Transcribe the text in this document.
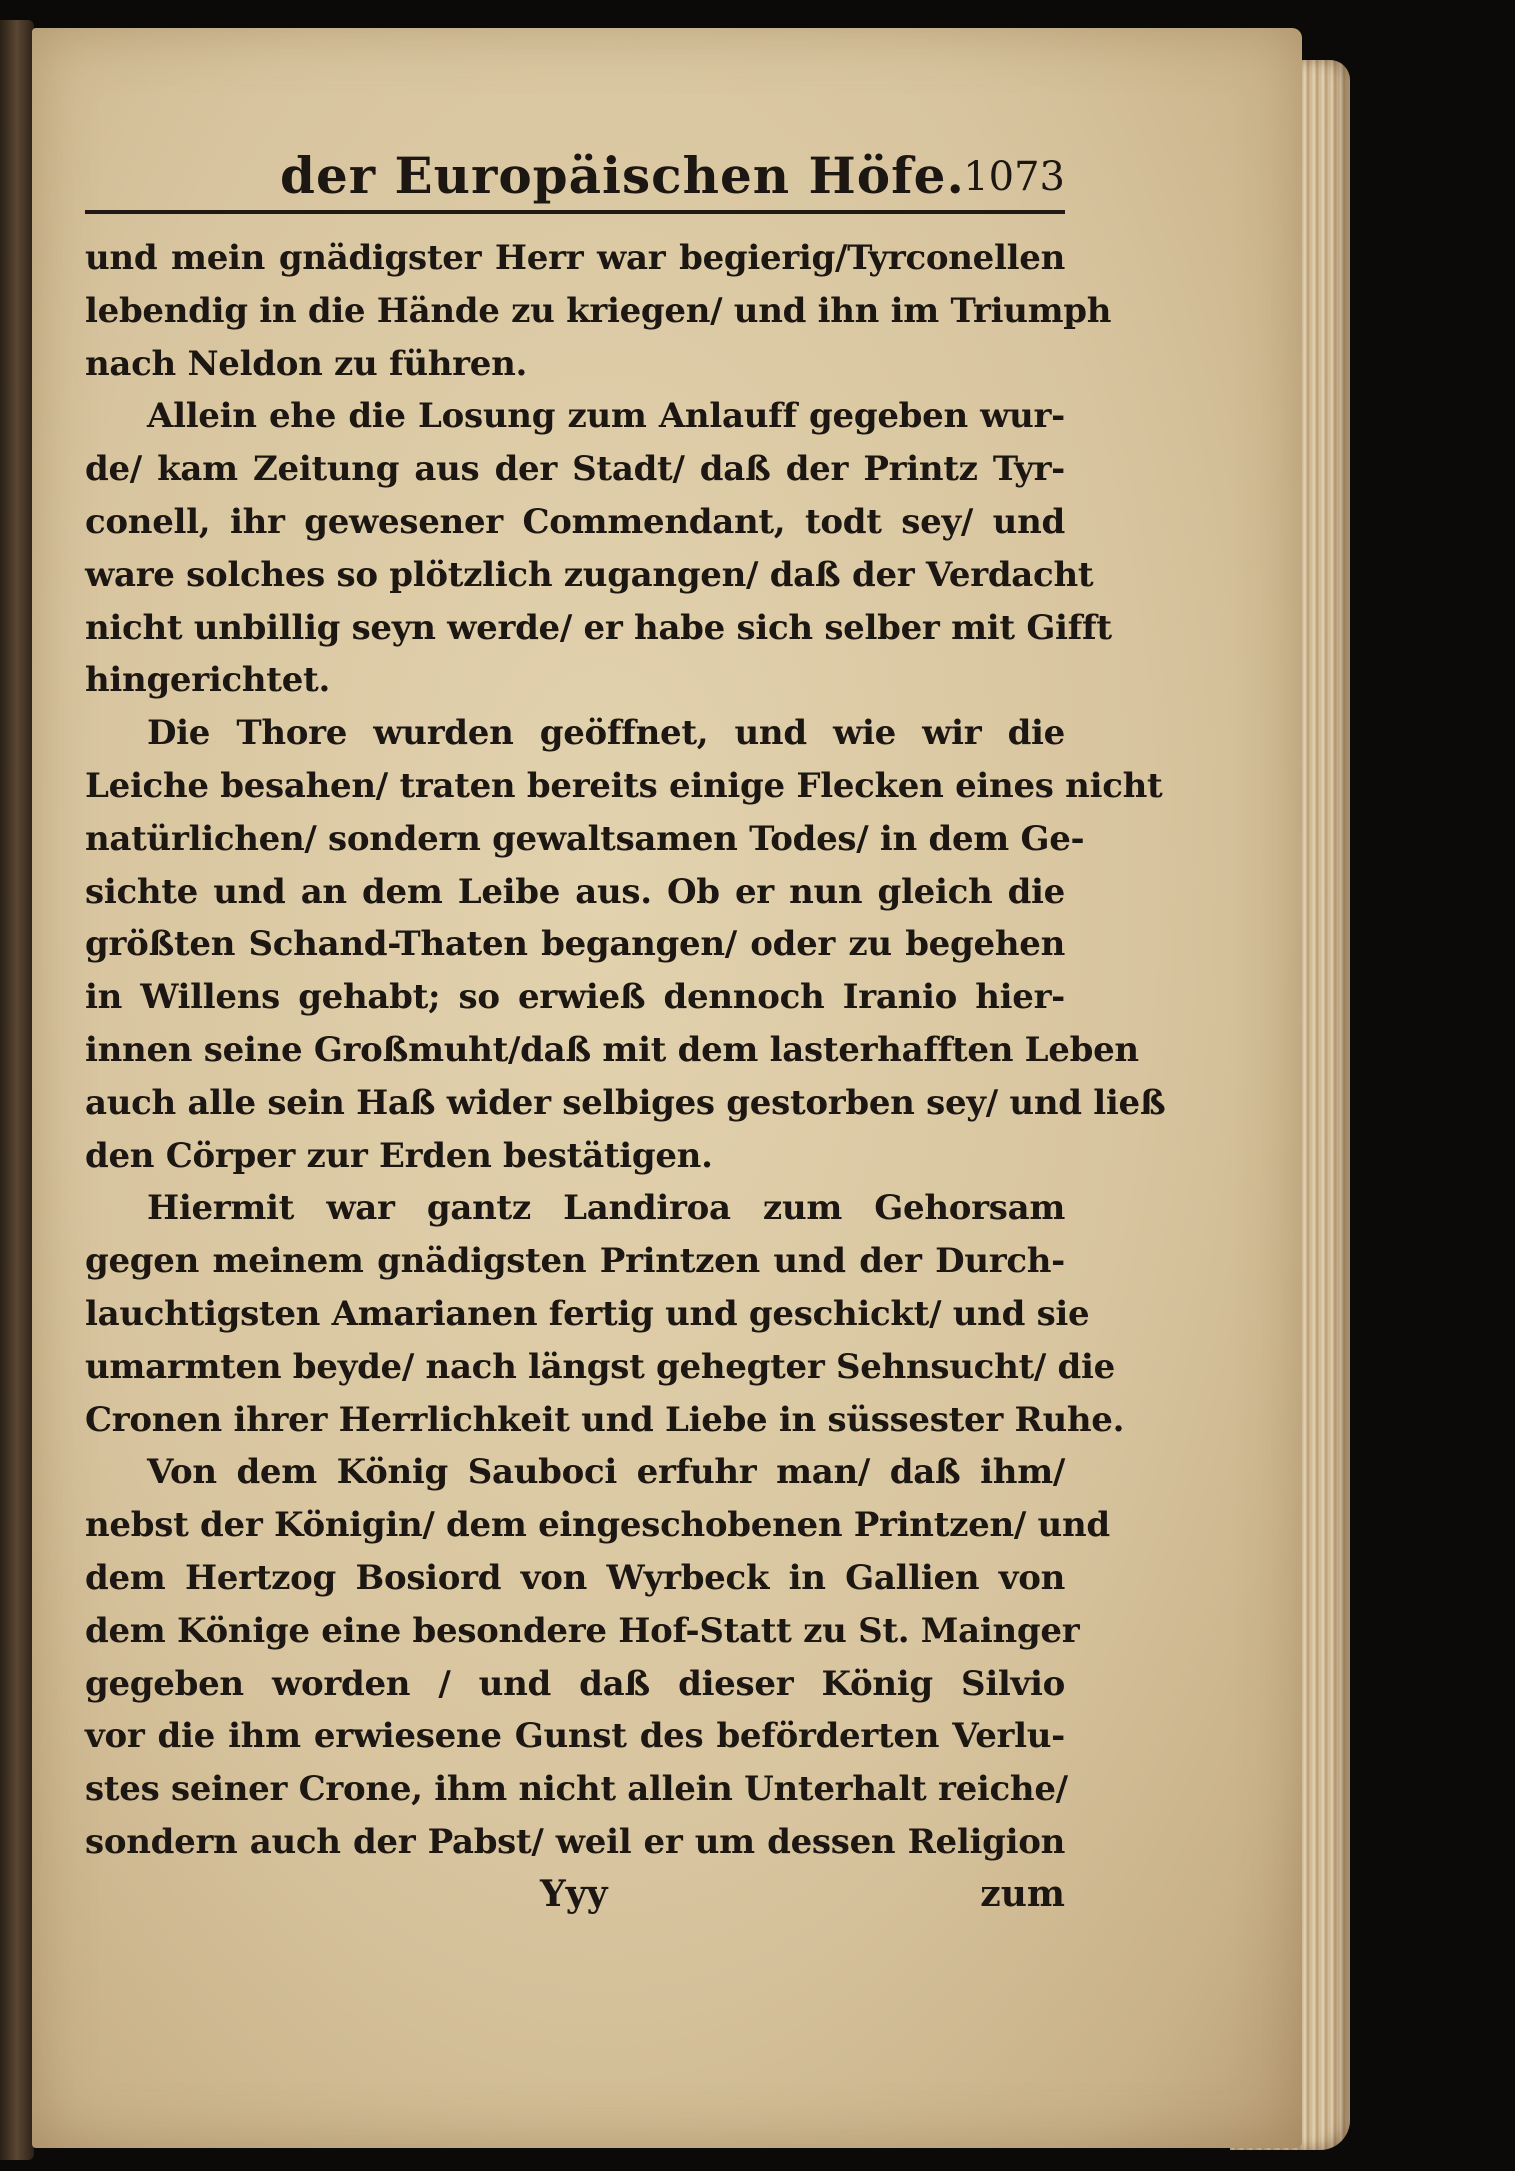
der Europäischen Höfe.
1073
und mein gnädigster Herr war begierig/Tyrconellen
lebendig in die Hände zu kriegen/ und ihn im Triumph
nach Neldon zu führen.
Allein ehe die Losung zum Anlauff gegeben wur-
de/ kam Zeitung aus der Stadt/ daß der Printz Tyr-
conell, ihr gewesener Commendant, todt sey/ und
ware solches so plötzlich zugangen/ daß der Verdacht
nicht unbillig seyn werde/ er habe sich selber mit Gifft
hingerichtet.
Die Thore wurden geöffnet, und wie wir die
Leiche besahen/ traten bereits einige Flecken eines nicht
natürlichen/ sondern gewaltsamen Todes/ in dem Ge-
sichte und an dem Leibe aus. Ob er nun gleich die
größten Schand-Thaten begangen/ oder zu begehen
in Willens gehabt; so erwieß dennoch Iranio hier-
innen seine Großmuht/daß mit dem lasterhafften Leben
auch alle sein Haß wider selbiges gestorben sey/ und ließ
den Cörper zur Erden bestätigen.
Hiermit war gantz Landiroa zum Gehorsam
gegen meinem gnädigsten Printzen und der Durch-
lauchtigsten Amarianen fertig und geschickt/ und sie
umarmten beyde/ nach längst gehegter Sehnsucht/ die
Cronen ihrer Herrlichkeit und Liebe in süssester Ruhe.
Von dem König Sauboci erfuhr man/ daß ihm/
nebst der Königin/ dem eingeschobenen Printzen/ und
dem Hertzog Bosiord von Wyrbeck in Gallien von
dem Könige eine besondere Hof-Statt zu St. Mainger
gegeben worden / und daß dieser König Silvio
vor die ihm erwiesene Gunst des beförderten Verlu-
stes seiner Crone, ihm nicht allein Unterhalt reiche/
sondern auch der Pabst/ weil er um dessen Religion
Yyy	zum
